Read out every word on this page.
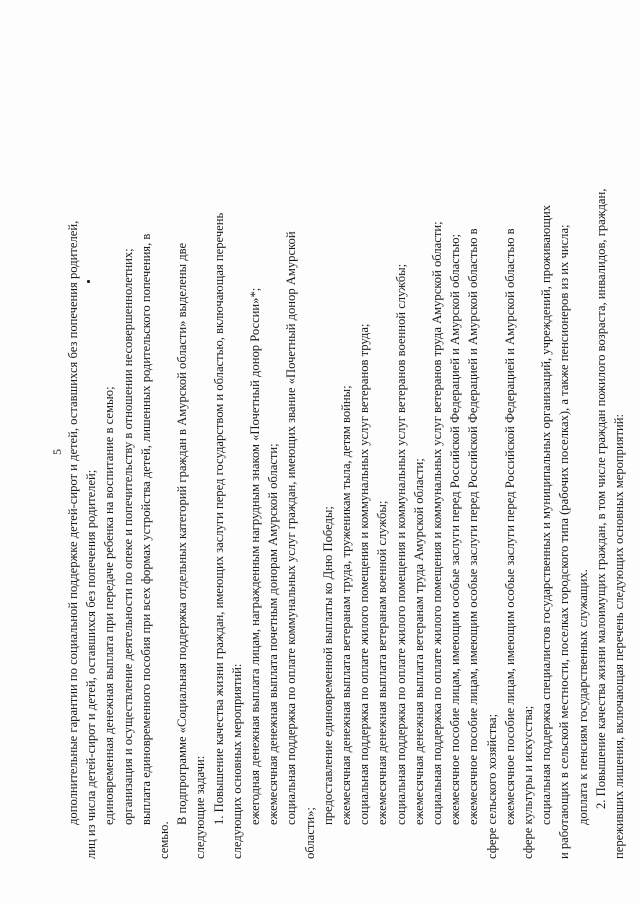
5 дополнительные гарантии по социальной поддержке детей-сирот и детей, оставшихся без попечения родителей, лиц из числа детей-сирот и детей, оставшихся без попечения родителей; единовременная денежная выплата при передаче ребенка на воспитание в семью; организация и осуществление деятельности по опеке и попечительству в отношении несовершеннолетних; выплата единовременного пособия при всех формах устройства детей, лишенных родительского попечения, в

семью.

В подпрограмме «Социальная поддержка отдельных категорий граждан в Амурской области» выделены две следующие задачи: 1. Повышение качества жизни граждан, имеющих заслуги перед государством и областью, включающая перечень следующих основных мероприятий: ежегодная денежная выплата лицам, награжденным нагрудным знаком «Почетный донор России»*; ежемесячная денежная выплата почетным донорам Амурской области; социальная поддержка по оплате коммунальных услуг граждан, имеющих звание «Почетный донор Амурской

области»;

предоставление единовременной выплаты ко Дню Победы; ежемесячная денежная выплата ветеранам труда, труженикам тыла, детям войны; социальная поддержка по оплате жилого помещения и коммунальных услуг ветеранов труда; ежемесячная денежная выплата ветеранам военной службы; социальная поддержка по оплате жилого помещения и коммунальных услуг ветеранов военной службы; ежемесячная денежная выплата ветеранам труда Амурской области; социальная поддержка по оплате жилого помещения и коммунальных услуг ветеранов труда Амурской области; ежемесячное пособие лицам, имеющим особые заслуги перед Российской Федерацией и Амурской областью; ежемесячное пособие лицам, имеющим особые заслуги перед Российской Федерацией и Амурской областью в сфере сельского хозяйства; ежемесячное пособие лицам, имеющим особые заслуги перед Российской Федерацией и Амурской областью в сфере культуры и искусства; социальная поддержка специалистов государственных и муниципальных организаций, учреждений, проживающих и работающих в сельской местности, поселках городского типа (рабочих поселках), а также пенсионеров из их числа; доплата к пенсиям государственных служащих. 2. Повышение качества жизни малоимущих граждан, в том числе граждан пожилого возраста, инвалидов, граждан, переживших лишения, включающая перечень следующих основных мероприятий:
